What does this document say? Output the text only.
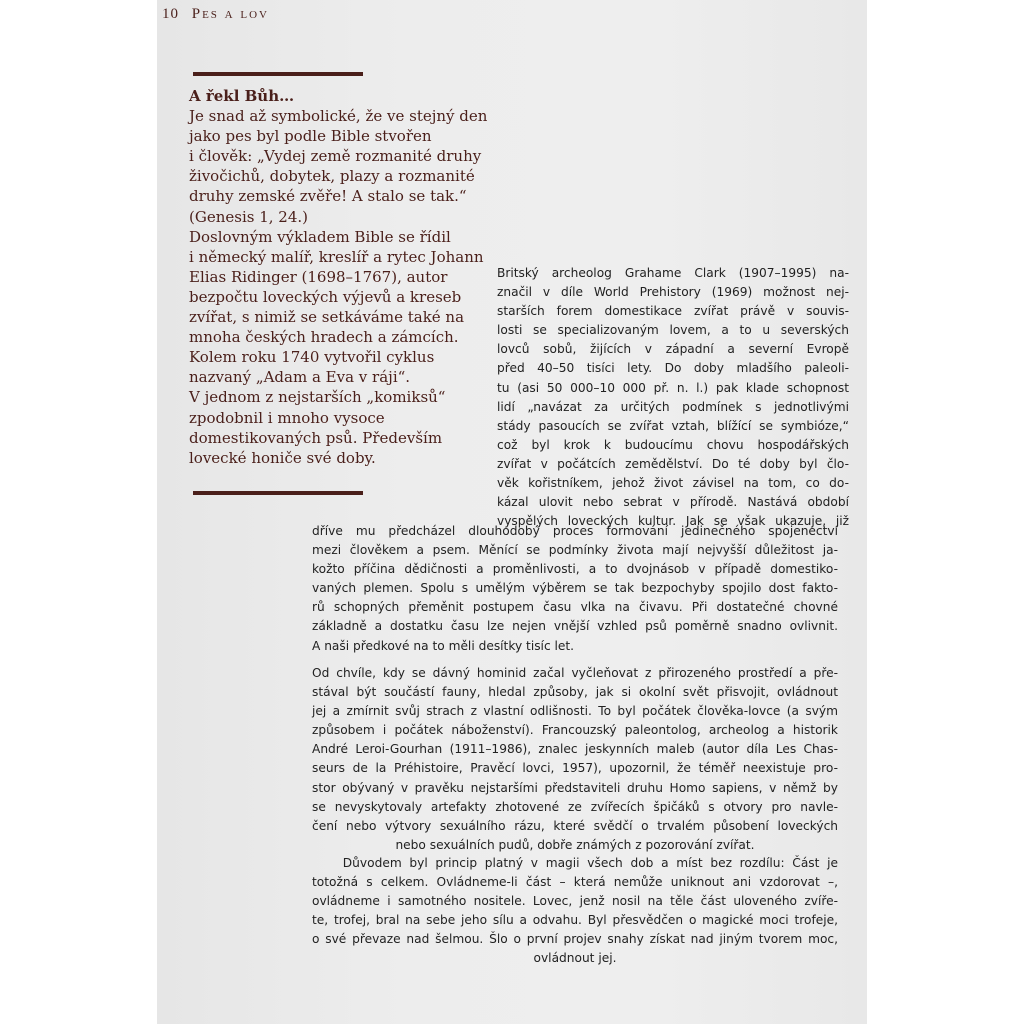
10 Pes a lov
A řekl Bůh…
Je snad až symbolické, že ve stejný den
jako pes byl podle Bible stvořen
i člověk: „Vydej země rozmanité druhy
živočichů, dobytek, plazy a rozmanité
druhy zemské zvěře! A stalo se tak.“
(Genesis 1, 24.)
Doslovným výkladem Bible se řídil
i německý malíř, kreslíř a rytec Johann
Elias Ridinger (1698–1767), autor
bezpočtu loveckých výjevů a kreseb
zvířat, s nimiž se setkáváme také na
mnoha českých hradech a zámcích.
Kolem roku 1740 vytvořil cyklus
nazvaný „Adam a Eva v ráji“.
V jednom z nejstarších „komiksů“
zpodobnil i mnoho vysoce
domestikovaných psů. Především
lovecké honiče své doby.
Britský archeolog Grahame Clark (1907–1995) na-
značil v díle World Prehistory (1969) možnost nej-
starších forem domestikace zvířat právě v souvis-
losti se specializovaným lovem, a to u severských
lovců sobů, žijících v západní a severní Evropě
před 40–50 tisíci lety. Do doby mladšího paleoli-
tu (asi 50 000–10 000 př. n. l.) pak klade schopnost
lidí „navázat za určitých podmínek s jednotlivými
stády pasoucích se zvířat vztah, blížící se symbióze,“
což byl krok k budoucímu chovu hospodářských
zvířat v počátcích zemědělství. Do té doby byl člo-
věk kořistníkem, jehož život závisel na tom, co do-
kázal ulovit nebo sebrat v přírodě. Nastává období
vyspělých loveckých kultur. Jak se však ukazuje, již
dříve mu předcházel dlouhodobý proces formování jedinečného spojenectví
mezi člověkem a psem. Měnící se podmínky života mají nejvyšší důležitost ja-
kožto příčina dědičnosti a proměnlivosti, a to dvojnásob v případě domestiko-
vaných plemen. Spolu s umělým výběrem se tak bezpochyby spojilo dost fakto-
rů schopných přeměnit postupem času vlka na čivavu. Při dostatečné chovné
základně a dostatku času lze nejen vnější vzhled psů poměrně snadno ovlivnit.
A naši předkové na to měli desítky tisíc let.
Od chvíle, kdy se dávný hominid začal vyčleňovat z přirozeného prostředí a pře-
stával být součástí fauny, hledal způsoby, jak si okolní svět přisvojit, ovládnout
jej a zmírnit svůj strach z vlastní odlišnosti. To byl počátek člověka-lovce (a svým
způsobem i počátek náboženství). Francouzský paleontolog, archeolog a historik
André Leroi-Gourhan (1911–1986), znalec jeskynních maleb (autor díla Les Chas-
seurs de la Préhistoire, Pravěcí lovci, 1957), upozornil, že téměř neexistuje pro-
stor obývaný v pravěku nejstaršími představiteli druhu Homo sapiens, v němž by
se nevyskytovaly artefakty zhotovené ze zvířecích špičáků s otvory pro navle-
čení nebo výtvory sexuálního rázu, které svědčí o trvalém působení loveckých
nebo sexuálních pudů, dobře známých z pozorování zvířat.
Důvodem byl princip platný v magii všech dob a míst bez rozdílu: Část je
totožná s celkem. Ovládneme-li část – která nemůže uniknout ani vzdorovat –,
ovládneme i samotného nositele. Lovec, jenž nosil na těle část uloveného zvíře-
te, trofej, bral na sebe jeho sílu a odvahu. Byl přesvědčen o magické moci trofeje,
o své převaze nad šelmou. Šlo o první projev snahy získat nad jiným tvorem moc,
ovládnout jej.
